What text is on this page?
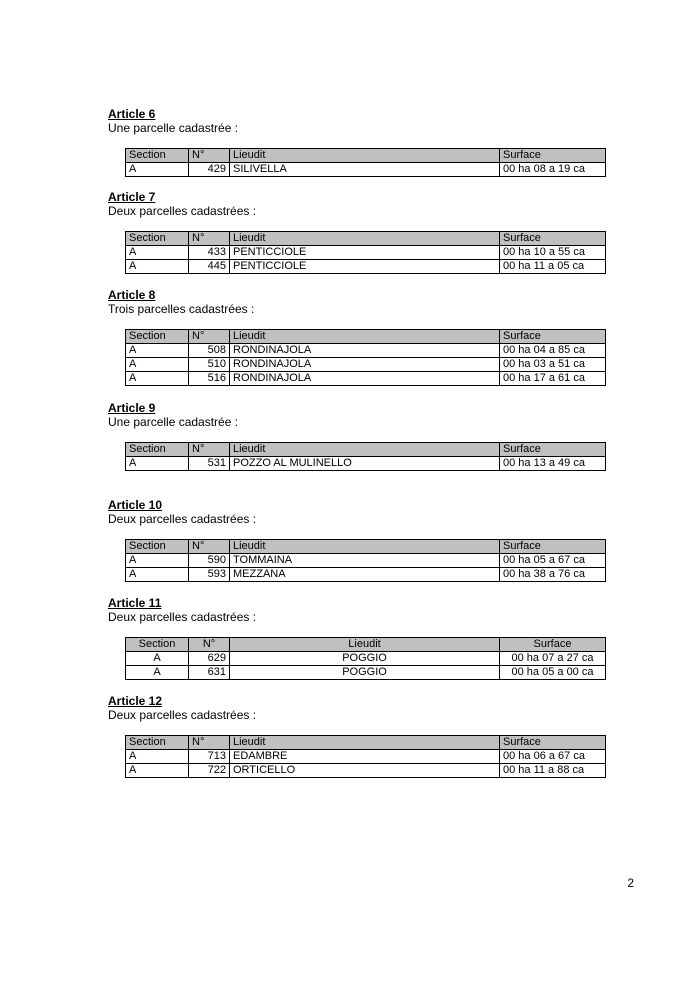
Article 6
Une parcelle cadastrée :
Section	N°	Lieudit	Surface
A	429	SILIVELLA	00 ha 08 a 19 ca
Article 7
Deux parcelles cadastrées :
Section	N°	Lieudit	Surface
A	433	PENTICCIOLE	00 ha 10 a 55 ca
A	445	PENTICCIOLE	00 ha 11 a 05 ca
Article 8
Trois parcelles cadastrées :
Section	N°	Lieudit	Surface
A	508	RONDINAJOLA	00 ha 04 a 85 ca
A	510	RONDINAJOLA	00 ha 03 a 51 ca
A	516	RONDINAJOLA	00 ha 17 a 61 ca
Article 9
Une parcelle cadastrée :
Section	N°	Lieudit	Surface
A	531	POZZO AL MULINELLO	00 ha 13 a 49 ca
Article 10
Deux parcelles cadastrées :
Section	N°	Lieudit	Surface
A	590	TOMMAINA	00 ha 05 a 67 ca
A	593	MEZZANA	00 ha 38 a 76 ca
Article 11
Deux parcelles cadastrées :
Section	N°	Lieudit	Surface
A	629	POGGIO	00 ha 07 a 27 ca
A	631	POGGIO	00 ha 05 a 00 ca
Article 12
Deux parcelles cadastrées :
Section	N°	Lieudit	Surface
A	713	EDAMBRE	00 ha 06 a 67 ca
A	722	ORTICELLO	00 ha 11 a 88 ca
2
